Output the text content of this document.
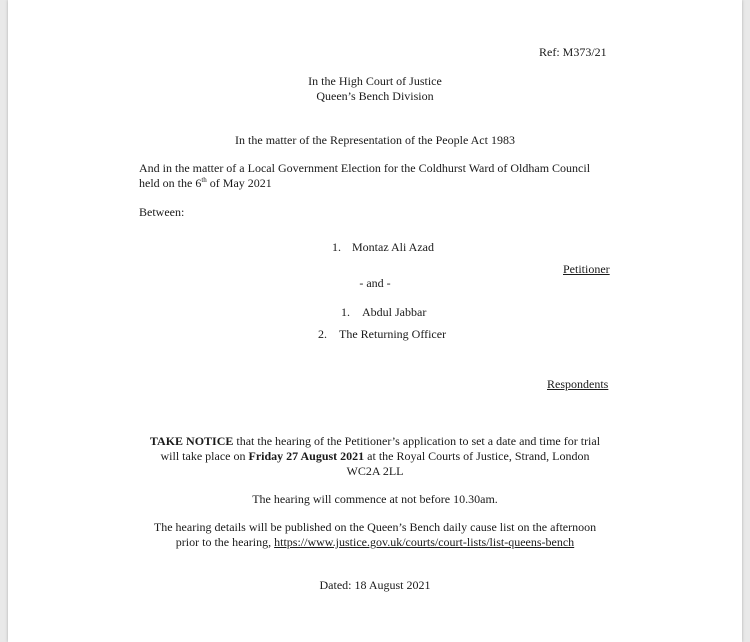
Ref: M373/21
In the High Court of Justice
Queen’s Bench Division
In the matter of the Representation of the People Act 1983
And in the matter of a Local Government Election for the Coldhurst Ward of Oldham Council
held on the 6th of May 2021
Between:
1. Montaz Ali Azad
Petitioner
- and -
1. Abdul Jabbar
2. The Returning Officer
Respondents
TAKE NOTICE that the hearing of the Petitioner’s application to set a date and time for trial
will take place on Friday 27 August 2021 at the Royal Courts of Justice, Strand, London
WC2A 2LL
The hearing will commence at not before 10.30am.
The hearing details will be published on the Queen’s Bench daily cause list on the afternoon
prior to the hearing, https://www.justice.gov.uk/courts/court-lists/list-queens-bench
Dated: 18 August 2021
